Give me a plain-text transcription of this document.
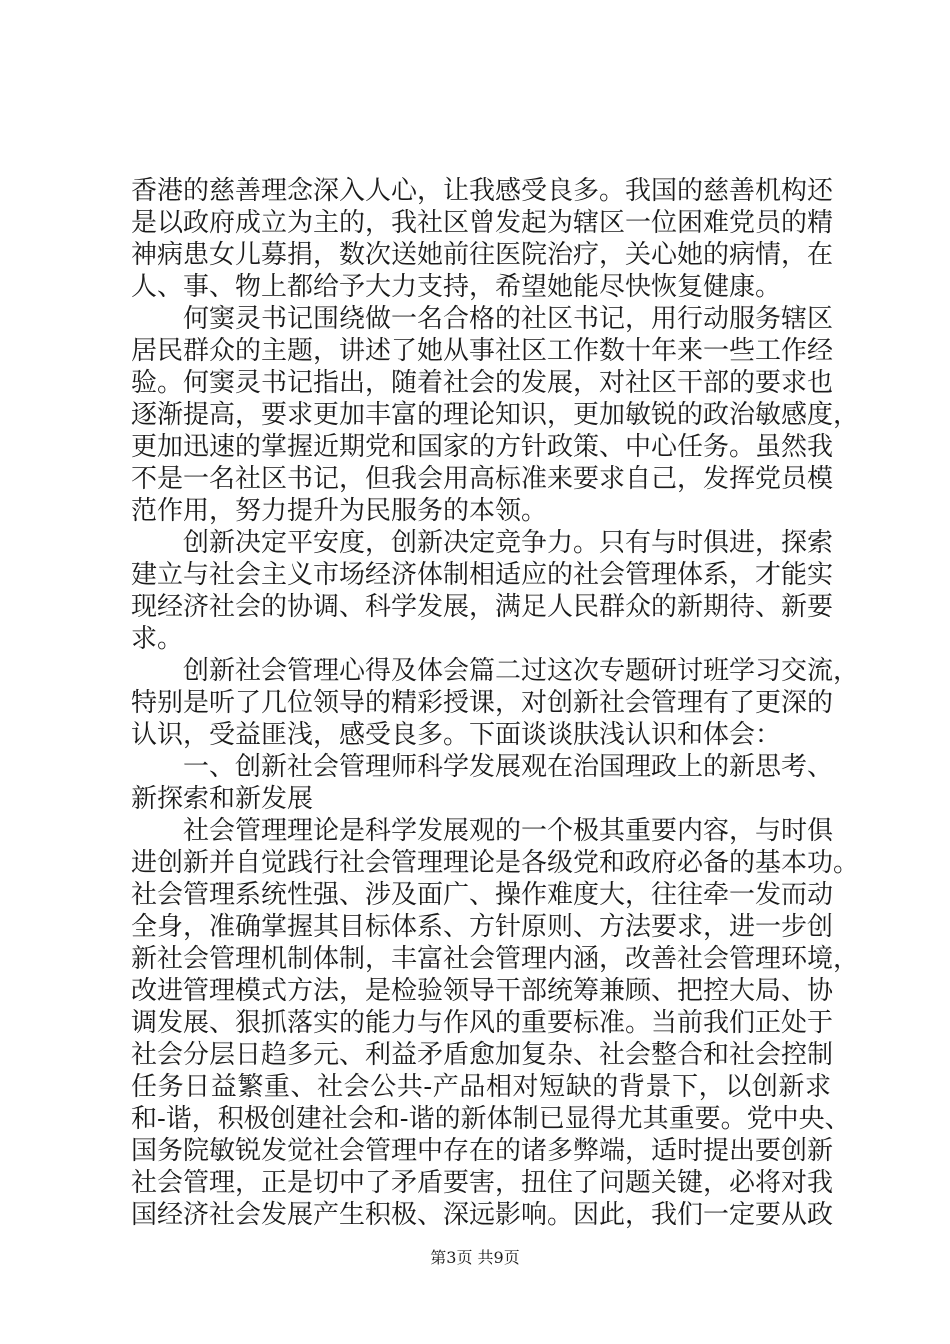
香港的慈善理念深入人心，让我感受良多。我国的慈善机构还
是以政府成立为主的，我社区曾发起为辖区一位困难党员的精
神病患女儿募捐，数次送她前往医院治疗，关心她的病情，在
人、事、物上都给予大力支持，希望她能尽快恢复健康。
何窦灵书记围绕做一名合格的社区书记，用行动服务辖区
居民群众的主题，讲述了她从事社区工作数十年来一些工作经
验。何窦灵书记指出，随着社会的发展，对社区干部的要求也
逐渐提高，要求更加丰富的理论知识，更加敏锐的政治敏感度，
更加迅速的掌握近期党和国家的方针政策、中心任务。虽然我
不是一名社区书记，但我会用高标准来要求自己，发挥党员模
范作用，努力提升为民服务的本领。
创新决定平安度，创新决定竞争力。只有与时俱进，探索
建立与社会主义市场经济体制相适应的社会管理体系，才能实
现经济社会的协调、科学发展，满足人民群众的新期待、新要
求。
创新社会管理心得及体会篇二过这次专题研讨班学习交流，
特别是听了几位领导的精彩授课，对创新社会管理有了更深的
认识，受益匪浅，感受良多。下面谈谈肤浅认识和体会：
一、创新社会管理师科学发展观在治国理政上的新思考、
新探索和新发展
社会管理理论是科学发展观的一个极其重要内容，与时俱
进创新并自觉践行社会管理理论是各级党和政府必备的基本功。
社会管理系统性强、涉及面广、操作难度大，往往牵一发而动
全身，准确掌握其目标体系、方针原则、方法要求，进一步创
新社会管理机制体制，丰富社会管理内涵，改善社会管理环境，
改进管理模式方法，是检验领导干部统筹兼顾、把控大局、协
调发展、狠抓落实的能力与作风的重要标准。当前我们正处于
社会分层日趋多元、利益矛盾愈加复杂、社会整合和社会控制
任务日益繁重、社会公共-产品相对短缺的背景下，以创新求
和-谐，积极创建社会和-谐的新体制已显得尤其重要。党中央、
国务院敏锐发觉社会管理中存在的诸多弊端，适时提出要创新
社会管理，正是切中了矛盾要害，扭住了问题关键，必将对我
国经济社会发展产生积极、深远影响。因此，我们一定要从政
第3页 共9页
